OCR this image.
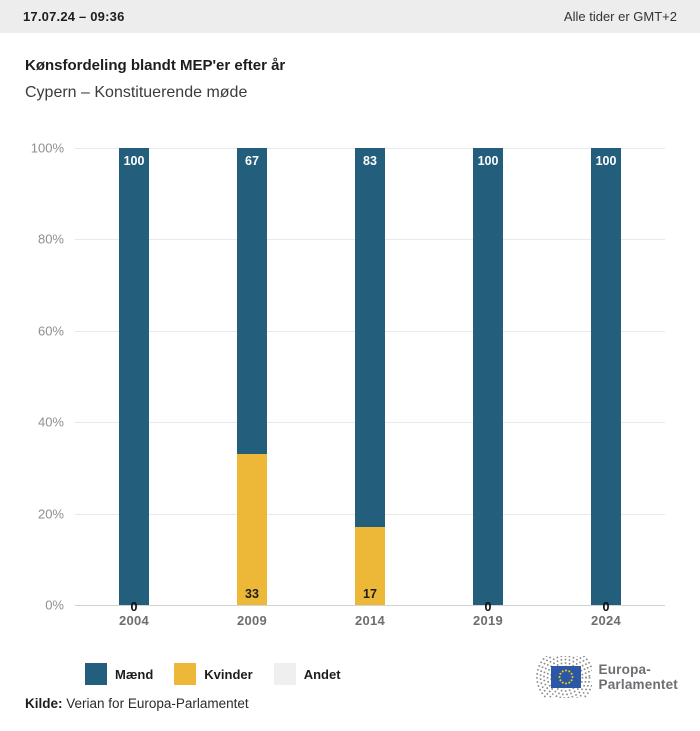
17.07.24 – 09:36	Alle tider er GMT+2
Kønsfordeling blandt MEP'er efter år
Cypern – Konstituerende møde
0%
20%
40%
60%
80%
100%
100
0
2004
67
33
2009
83
17
2014
100
0
2019
100
0
2024
Mænd	Kvinder	Andet

Kilde: Verian for Europa-Parlamentet

Europa-
Parlamentet
